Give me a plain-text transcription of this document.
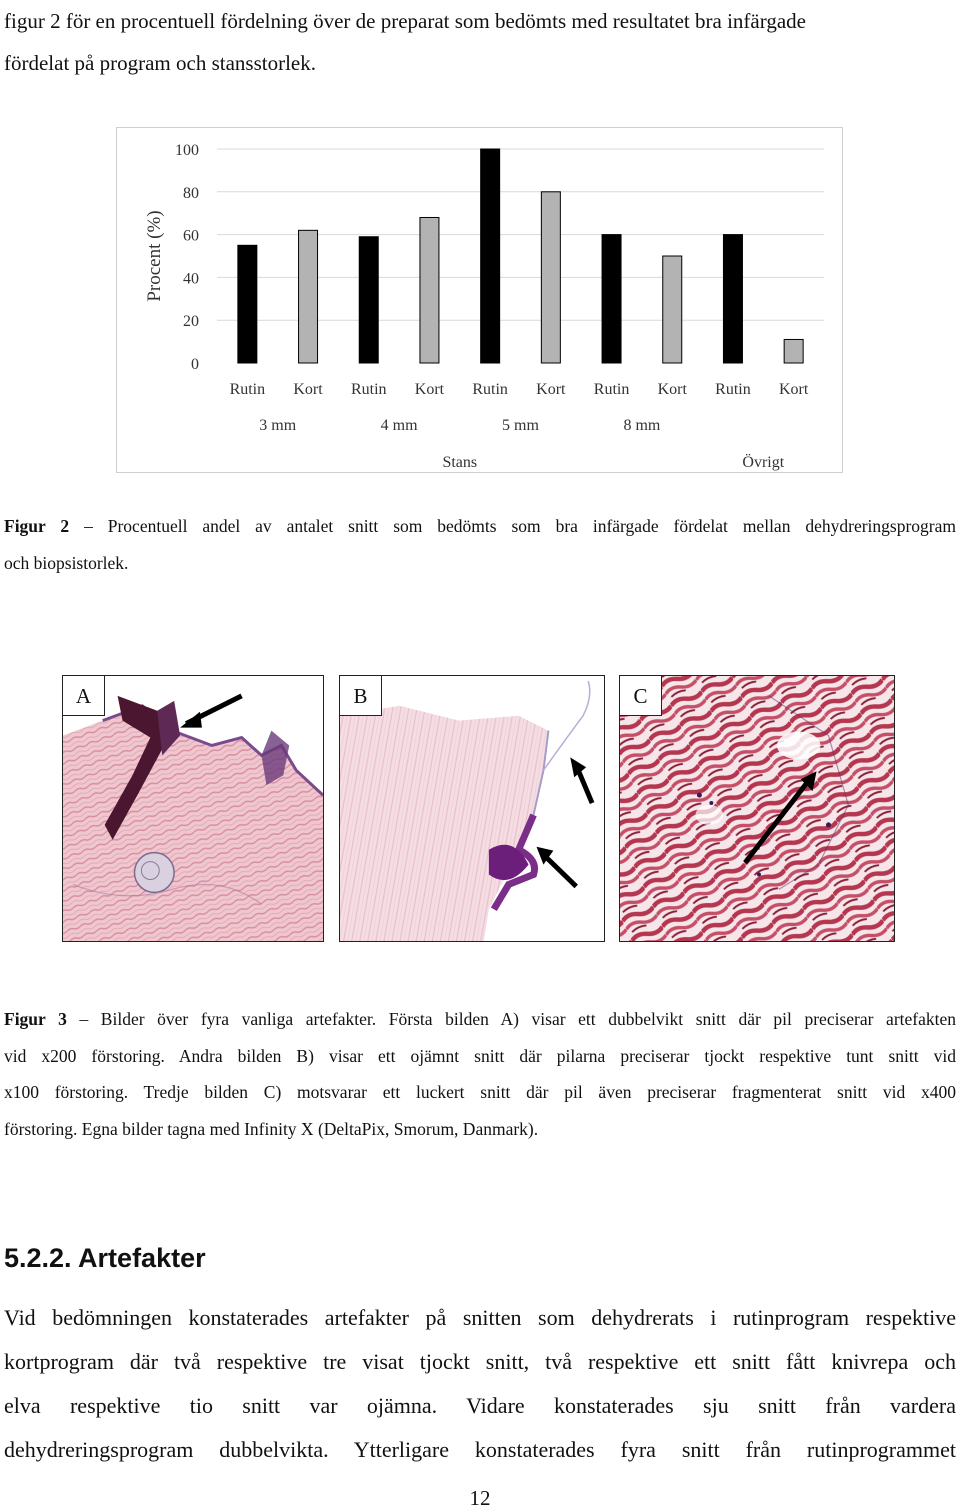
figur 2 för en procentuell fördelning över de preparat som bedömts med resultatet bra infärgade
fördelat på program och stansstorlek.
0
20
40
60
80
100
Procent (%)
Rutin Kort Rutin Kort Rutin Kort Rutin Kort Rutin Kort
3 mm	4 mm	5 mm	8 mm
Stans	Övrigt
Figur 2 – Procentuell andel av antalet snitt som bedömts som bra infärgade fördelat mellan dehydreringsprogram
och biopsistorlek.
A	B	C
Figur 3 – Bilder över fyra vanliga artefakter. Första bilden A) visar ett dubbelvikt snitt där pil preciserar artefakten
vid x200 förstoring. Andra bilden B) visar ett ojämnt snitt där pilarna preciserar tjockt respektive tunt snitt vid
x100 förstoring. Tredje bilden C) motsvarar ett luckert snitt där pil även preciserar fragmenterat snitt vid x400
förstoring. Egna bilder tagna med Infinity X (DeltaPix, Smorum, Danmark).
5.2.2. Artefakter
Vid bedömningen konstaterades artefakter på snitten som dehydrerats i rutinprogram respektive
kortprogram där två respektive tre visat tjockt snitt, två respektive ett snitt fått knivrepa och
elva respektive tio snitt var ojämna. Vidare konstaterades sju snitt från vardera
dehydreringsprogram dubbelvikta. Ytterligare konstaterades fyra snitt från rutinprogrammet
12
